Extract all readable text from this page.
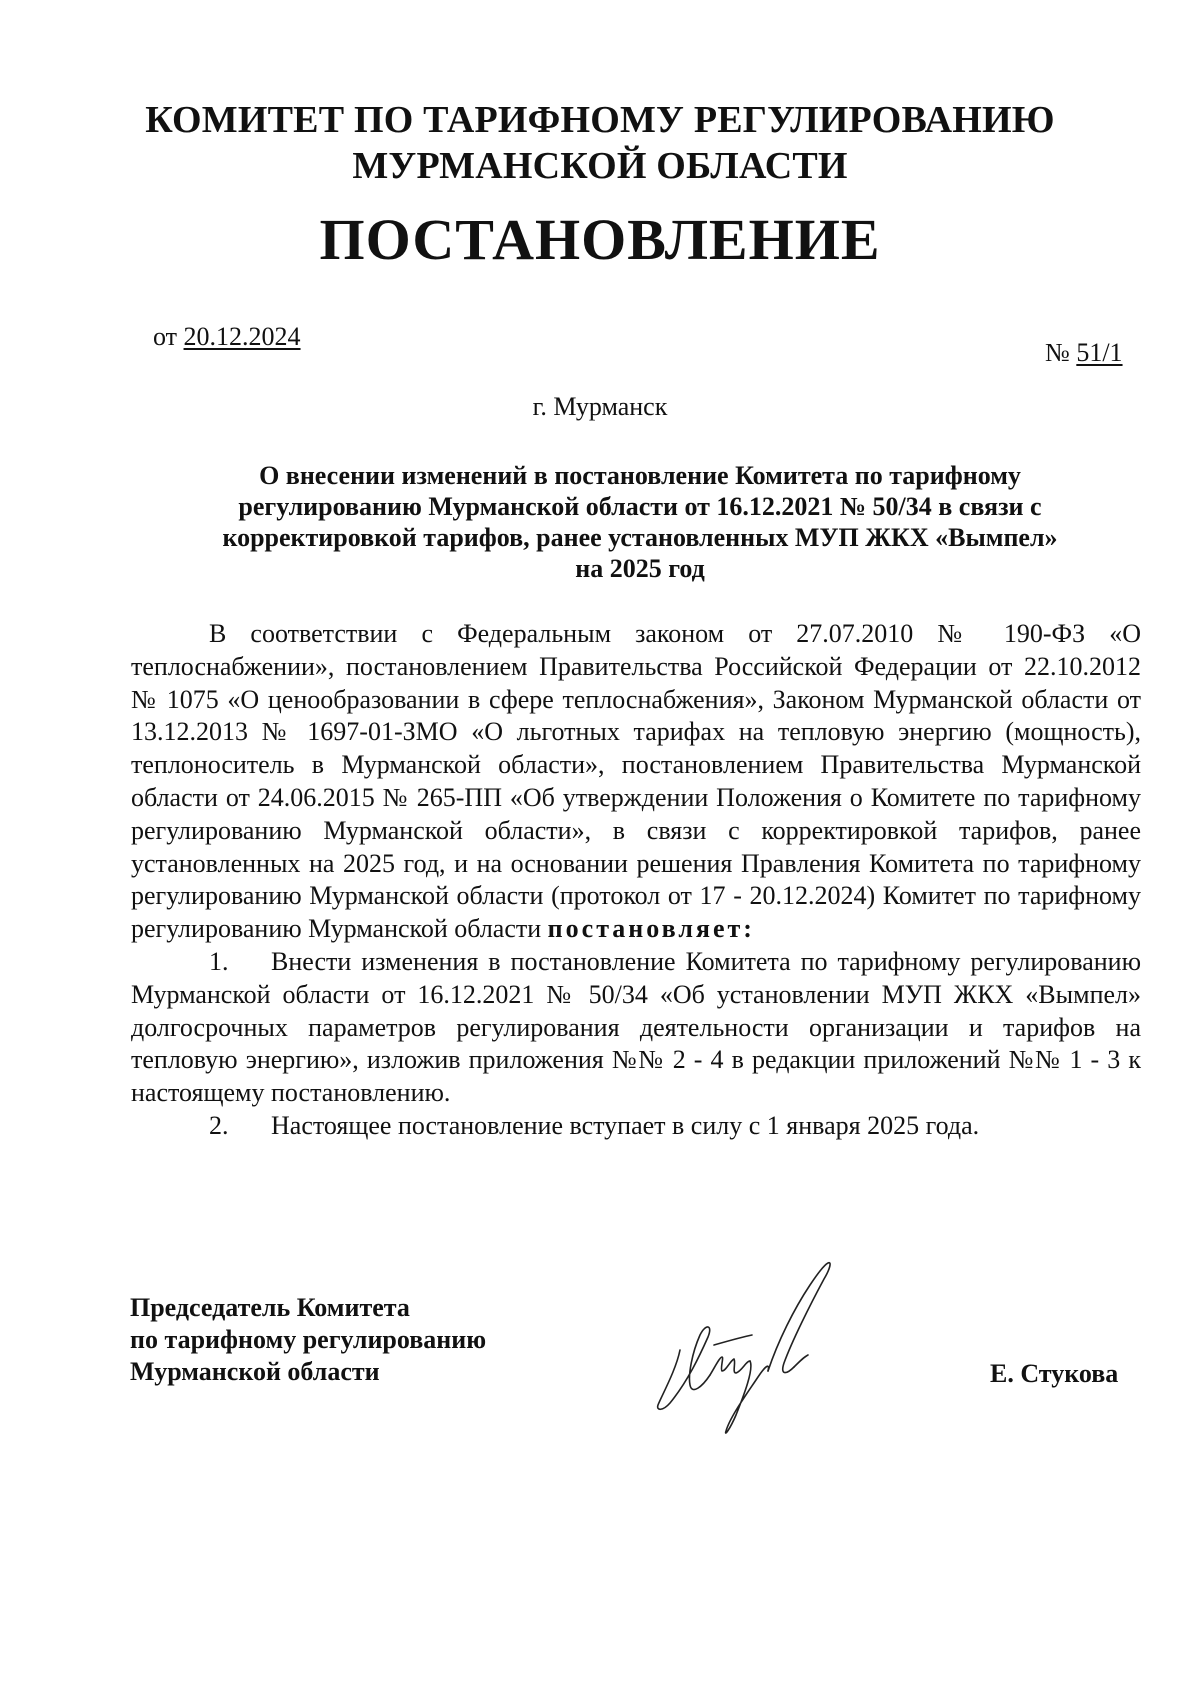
КОМИТЕТ ПО ТАРИФНОМУ РЕГУЛИРОВАНИЮ
МУРМАНСКОЙ ОБЛАСТИ
ПОСТАНОВЛЕНИЕ
от 20.12.2024
№ 51/1
г. Мурманск
О внесении изменений в постановление Комитета по тарифному
регулированию Мурманской области от 16.12.2021 № 50/34 в связи с
корректировкой тарифов, ранее установленных МУП ЖКХ «Вымпел»
на 2025 год

В соответствии с Федеральным законом от 27.07.2010 № 190-ФЗ «О теплоснабжении», постановлением Правительства Российской Федерации от 22.10.2012 № 1075 «О ценообразовании в сфере теплоснабжения», Законом Мурманской области от 13.12.2013 № 1697-01-ЗМО «О льготных тарифах на тепловую энергию (мощность), теплоноситель в Мурманской области», постановлением Правительства Мурманской области от 24.06.2015 № 265-ПП «Об утверждении Положения о Комитете по тарифному регулированию Мурманской области», в связи с корректировкой тарифов, ранее установленных на 2025 год, и на основании решения Правления Комитета по тарифному регулированию Мурманской области (протокол от 17 - 20.12.2024) Комитет по тарифному регулированию Мурманской области постановляет:

1. Внести изменения в постановление Комитета по тарифному регулированию Мурманской области от 16.12.2021 № 50/34 «Об установлении МУП ЖКХ «Вымпел» долгосрочных параметров регулирования деятельности организации и тарифов на тепловую энергию», изложив приложения №№ 2 - 4 в редакции приложений №№ 1 - 3 к настоящему постановлению.

2. Настоящее постановление вступает в силу с 1 января 2025 года.

Председатель Комитета
по тарифному регулированию
Мурманской области	Е. Стукова
